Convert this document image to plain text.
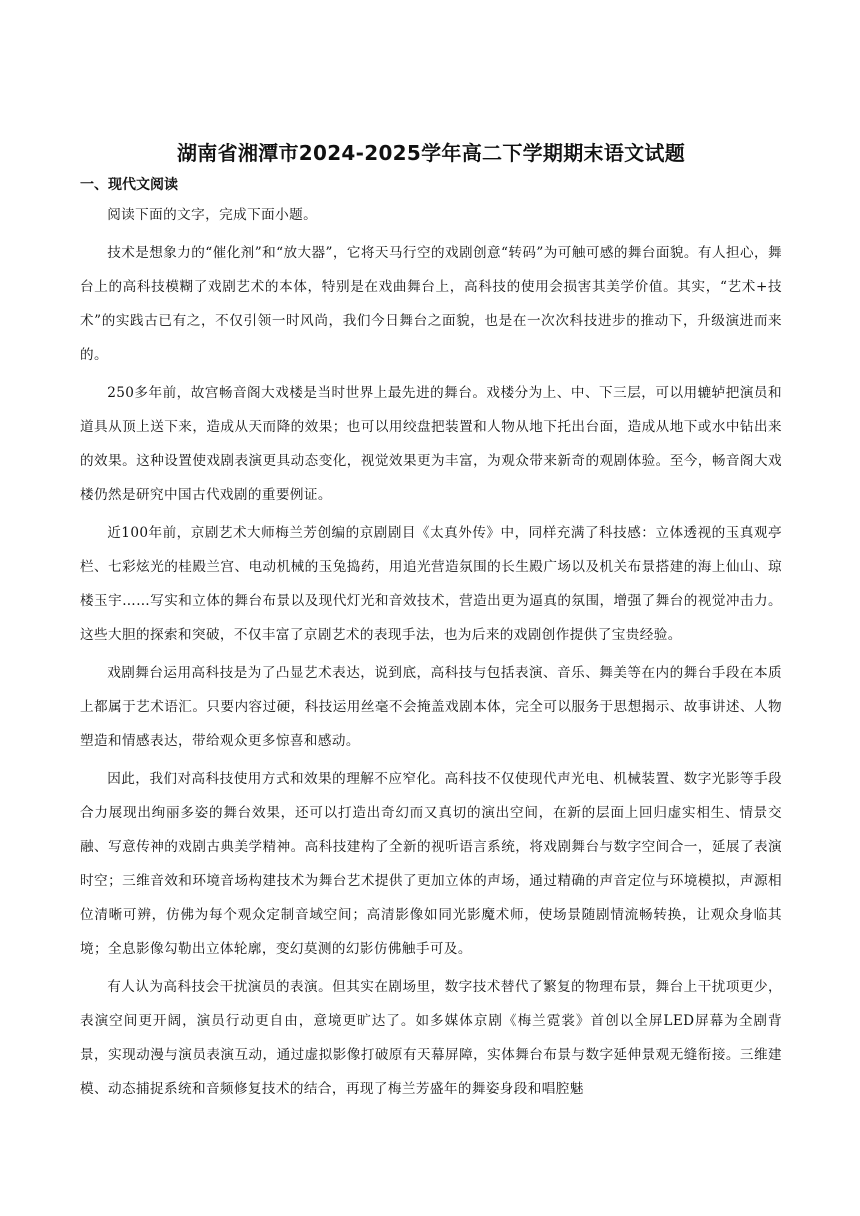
湖南省湘潭市2024-2025学年高二下学期期末语文试题
一、现代文阅读

阅读下面的文字，完成下面小题。

技术是想象力的“催化剂”和“放大器”，它将天马行空的戏剧创意“转码”为可触可感的舞台面貌。有人担心，舞台上的高科技模糊了戏剧艺术的本体，特别是在戏曲舞台上，高科技的使用会损害其美学价值。其实，“艺术+技术”的实践古已有之，不仅引领一时风尚，我们今日舞台之面貌，也是在一次次科技进步的推动下，升级演进而来的。

250多年前，故宫畅音阁大戏楼是当时世界上最先进的舞台。戏楼分为上、中、下三层，可以用辘轳把演员和道具从顶上送下来，造成从天而降的效果；也可以用绞盘把装置和人物从地下托出台面，造成从地下或水中钻出来的效果。这种设置使戏剧表演更具动态变化，视觉效果更为丰富，为观众带来新奇的观剧体验。至今，畅音阁大戏楼仍然是研究中国古代戏剧的重要例证。

近100年前，京剧艺术大师梅兰芳创编的京剧剧目《太真外传》中，同样充满了科技感：立体透视的玉真观亭栏、七彩炫光的桂殿兰宫、电动机械的玉兔捣药，用追光营造氛围的长生殿广场以及机关布景搭建的海上仙山、琼楼玉宇……写实和立体的舞台布景以及现代灯光和音效技术，营造出更为逼真的氛围，增强了舞台的视觉冲击力。这些大胆的探索和突破，不仅丰富了京剧艺术的表现手法，也为后来的戏剧创作提供了宝贵经验。

戏剧舞台运用高科技是为了凸显艺术表达，说到底，高科技与包括表演、音乐、舞美等在内的舞台手段在本质上都属于艺术语汇。只要内容过硬，科技运用丝毫不会掩盖戏剧本体，完全可以服务于思想揭示、故事讲述、人物塑造和情感表达，带给观众更多惊喜和感动。

因此，我们对高科技使用方式和效果的理解不应窄化。高科技不仅使现代声光电、机械装置、数字光影等手段合力展现出绚丽多姿的舞台效果，还可以打造出奇幻而又真切的演出空间，在新的层面上回归虚实相生、情景交融、写意传神的戏剧古典美学精神。高科技建构了全新的视听语言系统，将戏剧舞台与数字空间合一，延展了表演时空；三维音效和环境音场构建技术为舞台艺术提供了更加立体的声场，通过精确的声音定位与环境模拟，声源相位清晰可辨，仿佛为每个观众定制音域空间；高清影像如同光影魔术师，使场景随剧情流畅转换，让观众身临其境；全息影像勾勒出立体轮廓，变幻莫测的幻影仿佛触手可及。

有人认为高科技会干扰演员的表演。但其实在剧场里，数字技术替代了繁复的物理布景，舞台上干扰项更少，表演空间更开阔，演员行动更自由，意境更旷达了。如多媒体京剧《梅兰霓裳》首创以全屏LED屏幕为全剧背景，实现动漫与演员表演互动，通过虚拟影像打破原有天幕屏障，实体舞台布景与数字延伸景观无缝衔接。三维建模、动态捕捉系统和音频修复技术的结合，再现了梅兰芳盛年的舞姿身段和唱腔魅
